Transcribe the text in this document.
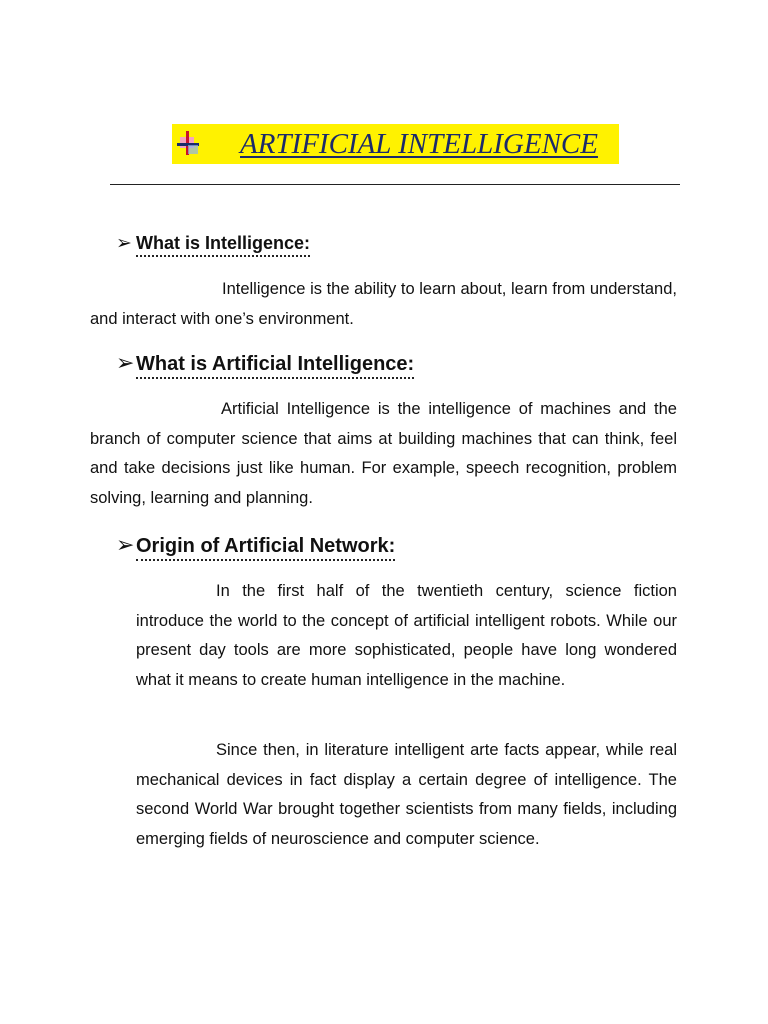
ARTIFICIAL INTELLIGENCE
➢ What is Intelligence:
Intelligence is the ability to learn about, learn from understand, and interact with one’s environment.
➢ What is Artificial Intelligence:
Artificial Intelligence is the intelligence of machines and the branch of computer science that aims at building machines that can think, feel and take decisions just like human. For example, speech recognition, problem solving, learning and planning.
➢ Origin of Artificial Network:
In the first half of the twentieth century, science fiction introduce the world to the concept of artificial intelligent robots. While our present day tools are more sophisticated, people have long wondered what it means to create human intelligence in the machine.
Since then, in literature intelligent arte facts appear, while real mechanical devices in fact display a certain degree of intelligence. The second World War brought together scientists from many fields, including emerging fields of neuroscience and computer science.
